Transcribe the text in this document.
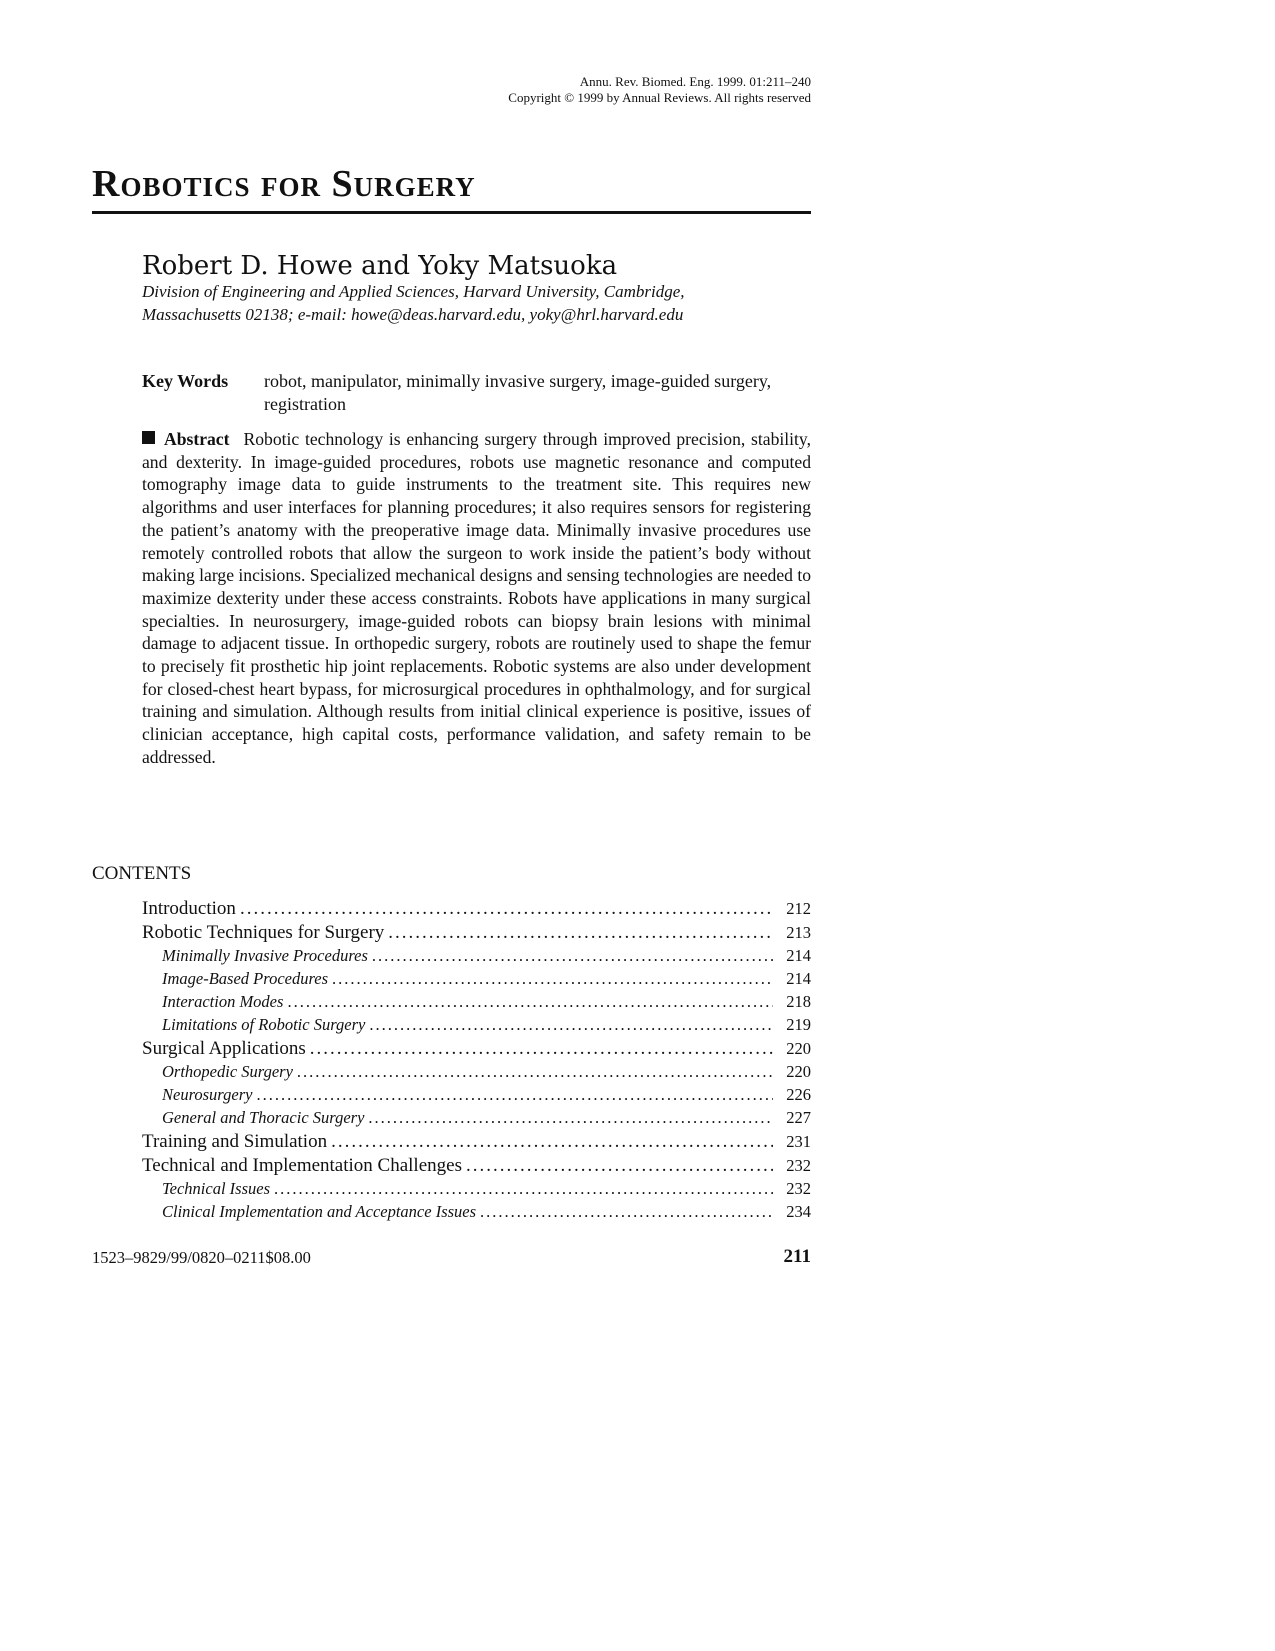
Annu. Rev. Biomed. Eng. 1999. 01:211–240
Copyright © 1999 by Annual Reviews. All rights reserved
Robotics for Surgery
Robert D. Howe and Yoky Matsuoka
Division of Engineering and Applied Sciences, Harvard University, Cambridge,
Massachusetts 02138; e-mail: howe@deas.harvard.edu, yoky@hrl.harvard.edu
Key Words	robot, manipulator, minimally invasive surgery, image-guided surgery, registration
Abstract Robotic technology is enhancing surgery through improved precision, stability, and dexterity. In image-guided procedures, robots use magnetic resonance and computed tomography image data to guide instruments to the treatment site. This requires new algorithms and user interfaces for planning procedures; it also requires sensors for registering the patient’s anatomy with the preoperative image data. Minimally invasive procedures use remotely controlled robots that allow the surgeon to work inside the patient’s body without making large incisions. Specialized mechanical designs and sensing technologies are needed to maximize dexterity under these access constraints. Robots have applications in many surgical specialties. In neurosurgery, image-guided robots can biopsy brain lesions with minimal damage to adjacent tissue. In orthopedic surgery, robots are routinely used to shape the femur to precisely fit prosthetic hip joint replacements. Robotic systems are also under development for closed-chest heart bypass, for microsurgical procedures in ophthalmology, and for surgical training and simulation. Although results from initial clinical experience is positive, issues of clinician acceptance, high capital costs, performance validation, and safety remain to be addressed.
CONTENTS
Introduction .....	212
Robotic Techniques for Surgery .....	213
Minimally Invasive Procedures .....	214
Image-Based Procedures .....	214
Interaction Modes .....	218
Limitations of Robotic Surgery .....	219
Surgical Applications .....	220
Orthopedic Surgery .....	220
Neurosurgery .....	226
General and Thoracic Surgery .....	227
Training and Simulation .....	231
Technical and Implementation Challenges .....	232
Technical Issues .....	232
Clinical Implementation and Acceptance Issues .....	234
1523–9829/99/0820–0211$08.00	211
